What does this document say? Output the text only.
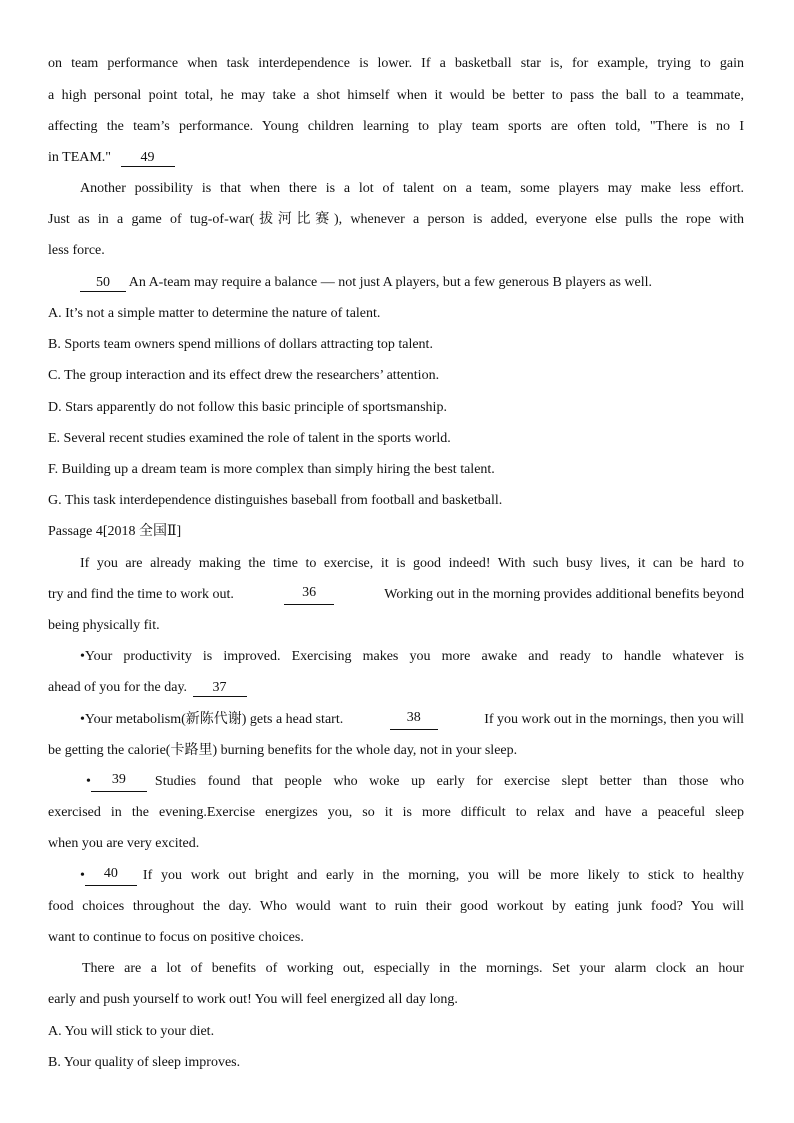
on team performance when task interdependence is lower. If a basketball star is, for example, trying to gain
a high personal point total, he may take a shot himself when it would be better to pass the ball to a teammate,
affecting the team’s performance. Young children learning to play team sports are often told, "There is no I
in TEAM." 49
Another possibility is that when there is a lot of talent on a team, some players may make less effort.
Just as in a game of tug-of-war(拔河比赛), whenever a person is added, everyone else pulls the rope with
less force.
50 An A-team may require a balance — not just A players, but a few generous B players as well.
A. It’s not a simple matter to determine the nature of talent.
B. Sports team owners spend millions of dollars attracting top talent.
C. The group interaction and its effect drew the researchers’ attention.
D. Stars apparently do not follow this basic principle of sportsmanship.
E. Several recent studies examined the role of talent in the sports world.
F. Building up a dream team is more complex than simply hiring the best talent.
G. This task interdependence distinguishes baseball from football and basketball.
Passage 4[2018 全国Ⅱ]
If you are already making the time to exercise, it is good indeed! With such busy lives, it can be hard to
try and find the time to work out.	36	Working out in the morning provides additional benefits beyond
being physically fit.
•Your productivity is improved. Exercising makes you more awake and ready to handle whatever is
ahead of you for the day. 37
•Your metabolism(新陈代谢) gets a head start.	38	If you work out in the mornings, then you will
be getting the calorie(卡路里) burning benefits for the whole day, not in your sleep.
•	39	Studies found that people who woke up early for exercise slept better than those who
exercised in the evening.Exercise energizes you, so it is more difficult to relax and have a peaceful sleep
when you are very excited.
•	40	If you work out bright and early in the morning, you will be more likely to stick to healthy
food choices throughout the day. Who would want to ruin their good workout by eating junk food? You will
want to continue to focus on positive choices.
There are a lot of benefits of working out, especially in the mornings. Set your alarm clock an hour
early and push yourself to work out! You will feel energized all day long.
A. You will stick to your diet.
B. Your quality of sleep improves.
